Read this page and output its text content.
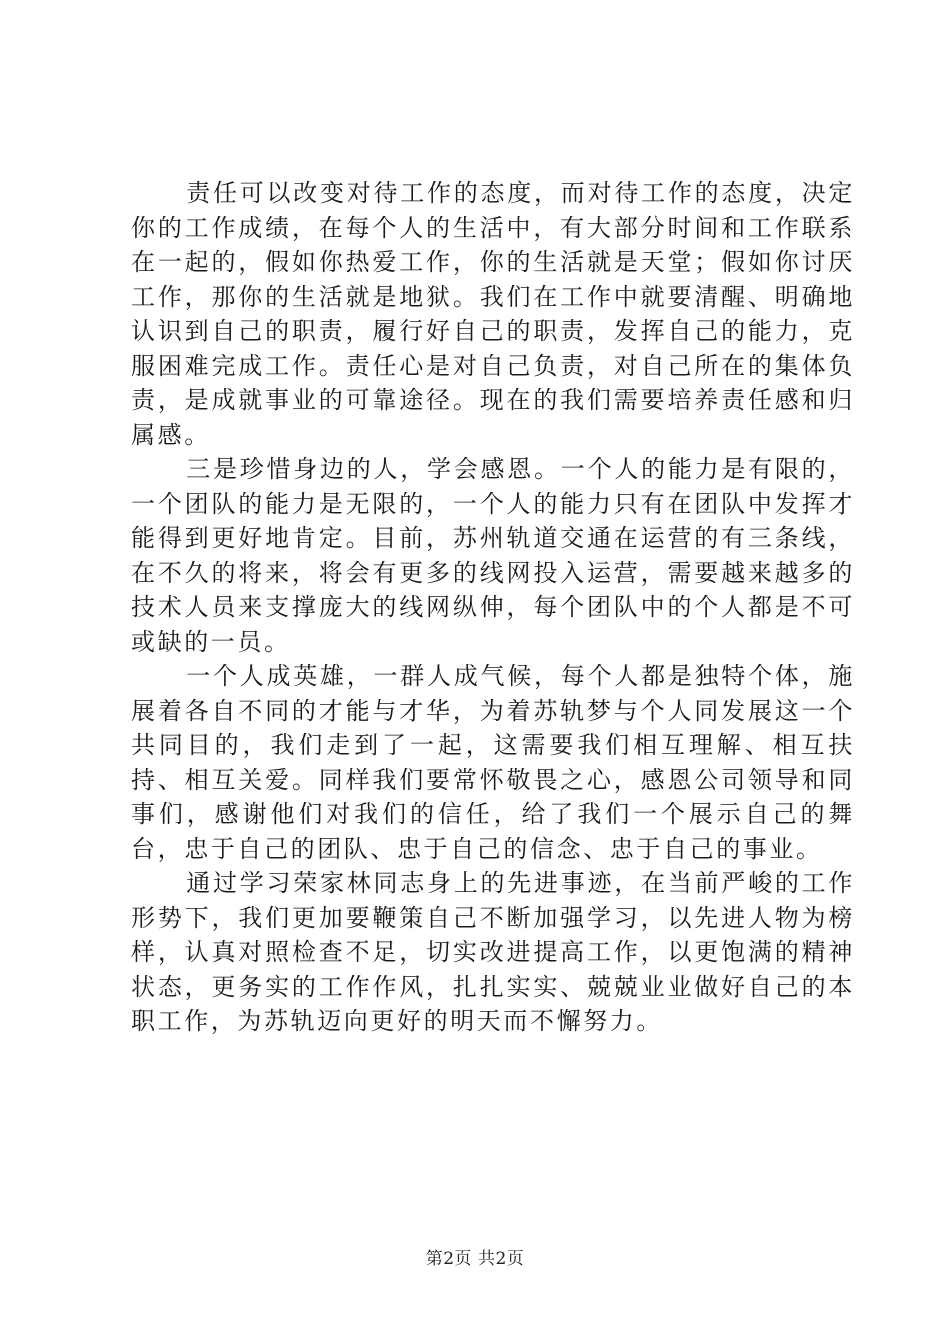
责任可以改变对待工作的态度，而对待工作的态度，决定你的工作成绩，在每个人的生活中，有大部分时间和工作联系在一起的，假如你热爱工作，你的生活就是天堂；假如你讨厌工作，那你的生活就是地狱。我们在工作中就要清醒、明确地认识到自己的职责，履行好自己的职责，发挥自己的能力，克服困难完成工作。责任心是对自己负责，对自己所在的集体负责，是成就事业的可靠途径。现在的我们需要培养责任感和归属感。

三是珍惜身边的人，学会感恩。一个人的能力是有限的，一个团队的能力是无限的，一个人的能力只有在团队中发挥才能得到更好地肯定。目前，苏州轨道交通在运营的有三条线，在不久的将来，将会有更多的线网投入运营，需要越来越多的技术人员来支撑庞大的线网纵伸，每个团队中的个人都是不可或缺的一员。

一个人成英雄，一群人成气候，每个人都是独特个体，施展着各自不同的才能与才华，为着苏轨梦与个人同发展这一个共同目的，我们走到了一起，这需要我们相互理解、相互扶持、相互关爱。同样我们要常怀敬畏之心，感恩公司领导和同事们，感谢他们对我们的信任，给了我们一个展示自己的舞台，忠于自己的团队、忠于自己的信念、忠于自己的事业。

通过学习荣家林同志身上的先进事迹，在当前严峻的工作形势下，我们更加要鞭策自己不断加强学习，以先进人物为榜样，认真对照检查不足，切实改进提高工作，以更饱满的精神状态，更务实的工作作风，扎扎实实、兢兢业业做好自己的本职工作，为苏轨迈向更好的明天而不懈努力。

第2页 共2页
